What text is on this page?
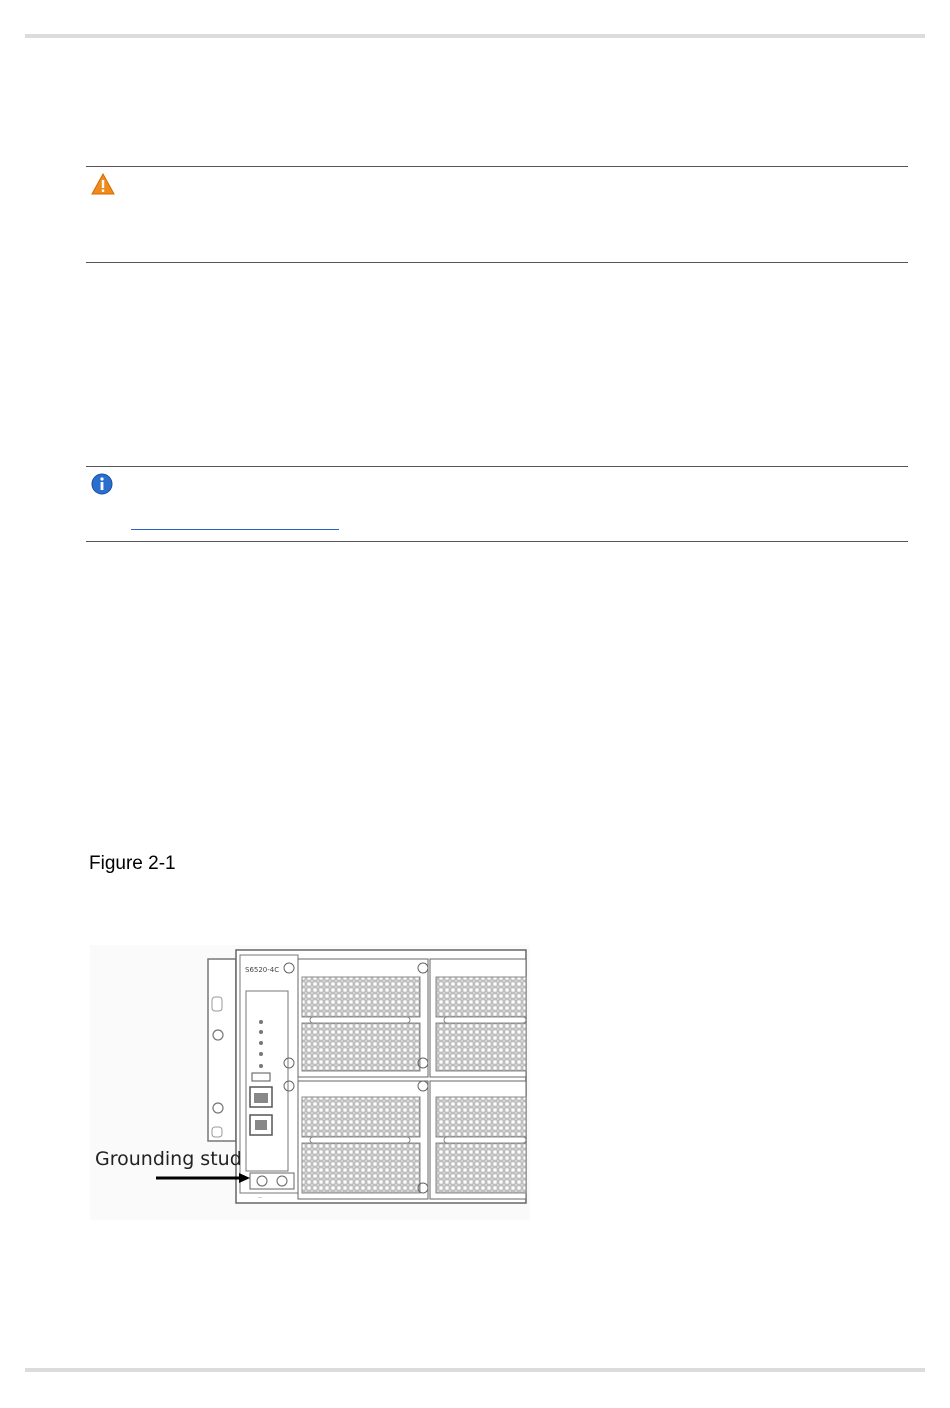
Figure 2-1
S6520-4C
—
Grounding stud
